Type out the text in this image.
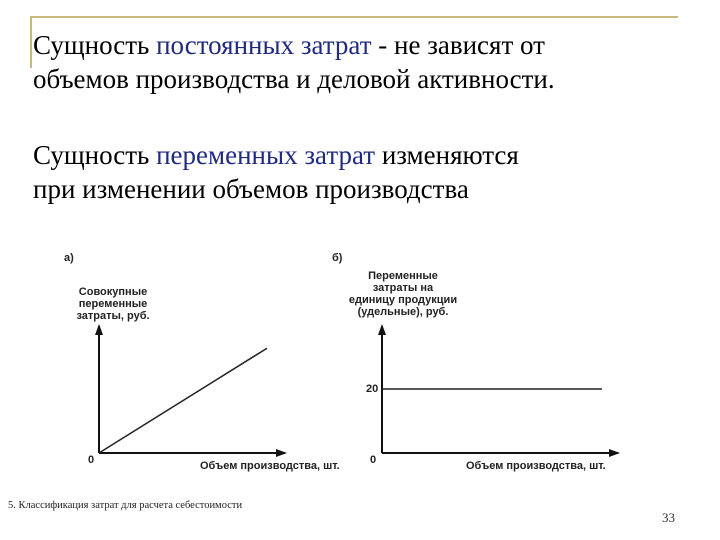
Сущность постоянных затрат - не зависят от
объемов производства и деловой активности.
Сущность переменных затрат изменяются
при изменении объемов производства
а)
Совокупные
переменные
затраты, руб.
0	Объем производства, шт.
б)
Переменные
затраты на
единицу продукции
(удельные), руб.
0
20
Объем производства, шт.
5. Классификация затрат для расчета себестоимости
33
